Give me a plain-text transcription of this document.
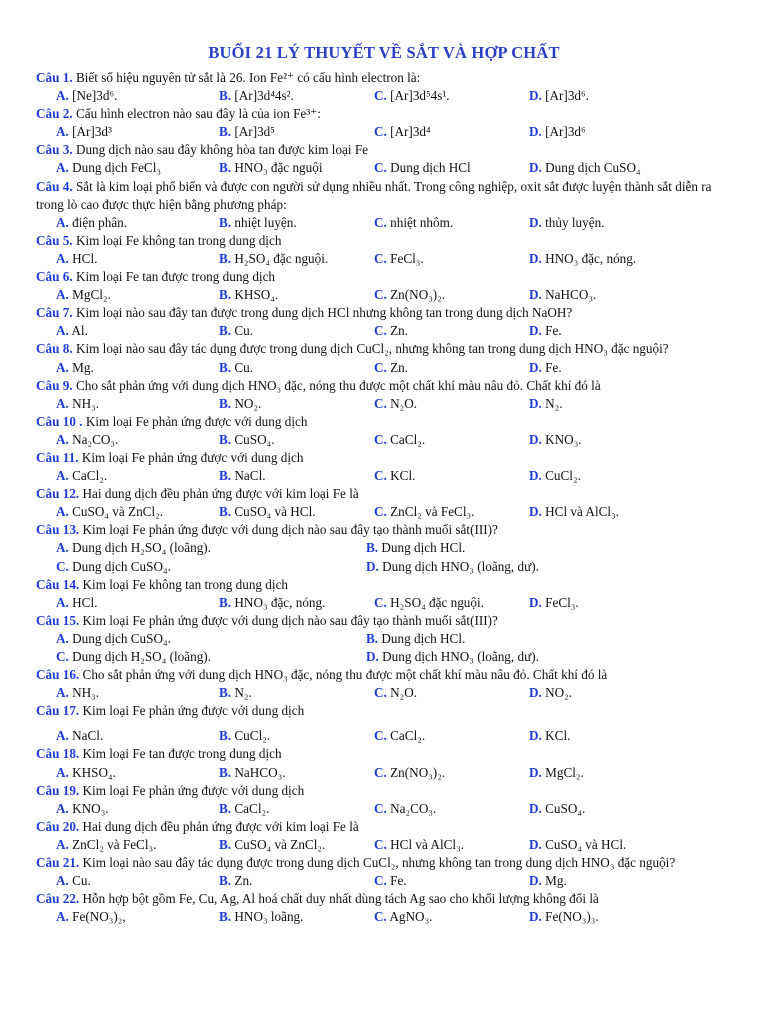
BUỔI 21 LÝ THUYẾT VỀ SẮT VÀ HỢP CHẤT
Câu 1. Biết số hiệu nguyên tử sắt là 26. Ion Fe²⁺ có cấu hình electron là:
A. [Ne]3d⁶.	B. [Ar]3d⁴4s².	C. [Ar]3d⁵4s¹.	D. [Ar]3d⁶.
Câu 2. Cấu hình electron nào sau đây là của ion Fe³⁺:
A. [Ar]3d³	B. [Ar]3d⁵	C. [Ar]3d⁴	D. [Ar]3d⁶
Câu 3. Dung dịch nào sau đây không hòa tan được kim loại Fe
A. Dung dịch FeCl₃	B. HNO₃ đặc nguội	C. Dung dịch HCl	D. Dung dịch CuSO₄
Câu 4. Sắt là kim loại phổ biến và được con người sử dụng nhiều nhất. Trong công nghiệp, oxit sắt được luyện thành sắt diễn ra trong lò cao được thực hiện bằng phương pháp:
A. điện phân.	B. nhiệt luyện.	C. nhiệt nhôm.	D. thủy luyện.
Câu 5. Kim loại Fe không tan trong dung dịch
A. HCl.	B. H₂SO₄ đặc nguội.	C. FeCl₃.	D. HNO₃ đặc, nóng.
Câu 6. Kim loại Fe tan được trong dung dịch
A. MgCl₂.	B. KHSO₄.	C. Zn(NO₃)₂.	D. NaHCO₃.
Câu 7. Kim loại nào sau đây tan được trong dung dịch HCl nhưng không tan trong dung dịch NaOH?
A. Al.	B. Cu.	C. Zn.	D. Fe.
Câu 8. Kim loại nào sau đây tác dụng được trong dung dịch CuCl₂, nhưng không tan trong dung dịch HNO₃ đặc nguội?
A. Mg.	B. Cu.	C. Zn.	D. Fe.
Câu 9. Cho sắt phản ứng với dung dịch HNO₃ đặc, nóng thu được một chất khí màu nâu đỏ. Chất khí đó là
A. NH₃.	B. NO₂.	C. N₂O.	D. N₂.
Câu 10 . Kim loại Fe phản ứng được với dung dịch
A. Na₂CO₃.	B. CuSO₄.	C. CaCl₂.	D. KNO₃.
Câu 11. Kim loại Fe phản ứng được với dung dịch
A. CaCl₂.	B. NaCl.	C. KCl.	D. CuCl₂.
Câu 12. Hai dung dịch đều phản ứng được với kim loại Fe là
A. CuSO₄ và ZnCl₂.	B. CuSO₄ và HCl.	C. ZnCl₂ và FeCl₃.	D. HCl và AlCl₃.
Câu 13. Kim loại Fe phản ứng được với dung dịch nào sau đây tạo thành muối sắt(III)?
A. Dung dịch H₂SO₄ (loãng).	B. Dung dịch HCl.
C. Dung dịch CuSO₄.	D. Dung dịch HNO₃ (loãng, dư).
Câu 14. Kim loại Fe không tan trong dung dịch
A. HCl.	B. HNO₃ đặc, nóng.	C. H₂SO₄ đặc nguội.	D. FeCl₃.
Câu 15. Kim loại Fe phản ứng được với dung dịch nào sau đây tạo thành muối sắt(III)?
A. Dung dịch CuSO₄.	B. Dung dịch HCl.
C. Dung dịch H₂SO₄ (loãng).	D. Dung dịch HNO₃ (loãng, dư).
Câu 16. Cho sắt phản ứng với dung dịch HNO₃ đặc, nóng thu được một chất khí màu nâu đỏ. Chất khí đó là
A. NH₃.	B. N₂.	C. N₂O.	D. NO₂.
Câu 17. Kim loại Fe phản ứng được với dung dịch
A. NaCl.	B. CuCl₂.	C. CaCl₂.	D. KCl.
Câu 18. Kim loại Fe tan được trong dung dịch
A. KHSO₄.	B. NaHCO₃.	C. Zn(NO₃)₂.	D. MgCl₂.
Câu 19. Kim loại Fe phản ứng được với dung dịch
A. KNO₃.	B. CaCl₂.	C. Na₂CO₃.	D. CuSO₄.
Câu 20. Hai dung dịch đều phản ứng được với kim loại Fe là
A. ZnCl₂ và FeCl₃.	B. CuSO₄ và ZnCl₂.	C. HCl và AlCl₃.	D. CuSO₄ và HCl.
Câu 21. Kim loại nào sau đây tác dụng được trong dung dịch CuCl₂, nhưng không tan trong dung dịch HNO₃ đặc nguội?
A. Cu.	B. Zn.	C. Fe.	D. Mg.
Câu 22. Hỗn hợp bột gồm Fe, Cu, Ag, Al hoá chất duy nhất dùng tách Ag sao cho khối lượng không đổi là
A. Fe(NO₃)₂,	B. HNO₃ loãng.	C. AgNO₃.	D. Fe(NO₃)₃.
